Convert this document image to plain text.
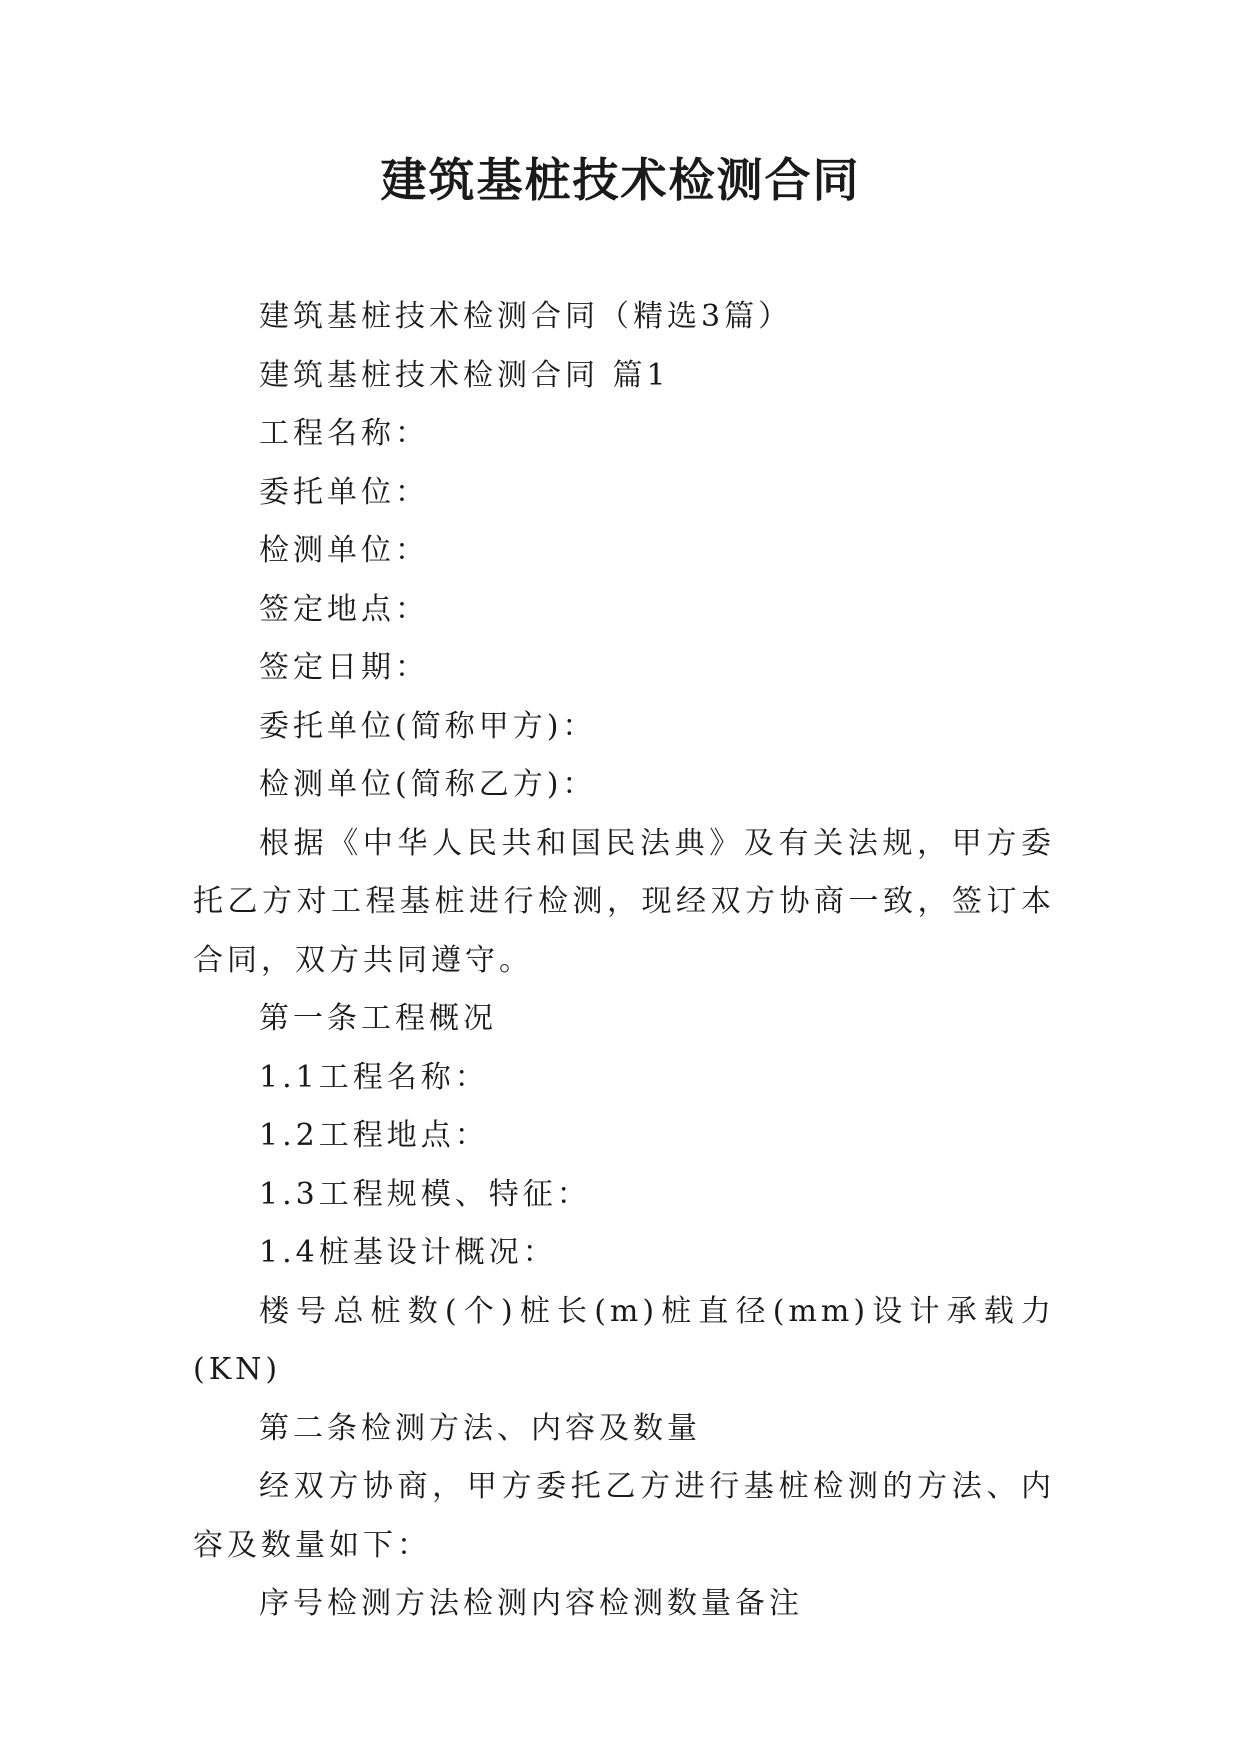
建筑基桩技术检测合同

建筑基桩技术检测合同（精选3篇）

建筑基桩技术检测合同 篇1

工程名称：

委托单位：

检测单位：

签定地点：

签定日期：

委托单位(简称甲方)：

检测单位(简称乙方)：

根据《中华人民共和国民法典》及有关法规，甲方委托乙方对工程基桩进行检测，现经双方协商一致，签订本合同，双方共同遵守。

第一条工程概况

1.1工程名称：

1.2工程地点：

1.3工程规模、特征：

1.4桩基设计概况：

楼号总桩数(个)桩长(m)桩直径(mm)设计承载力(KN)

第二条检测方法、内容及数量

经双方协商，甲方委托乙方进行基桩检测的方法、内容及数量如下：

序号检测方法检测内容检测数量备注
